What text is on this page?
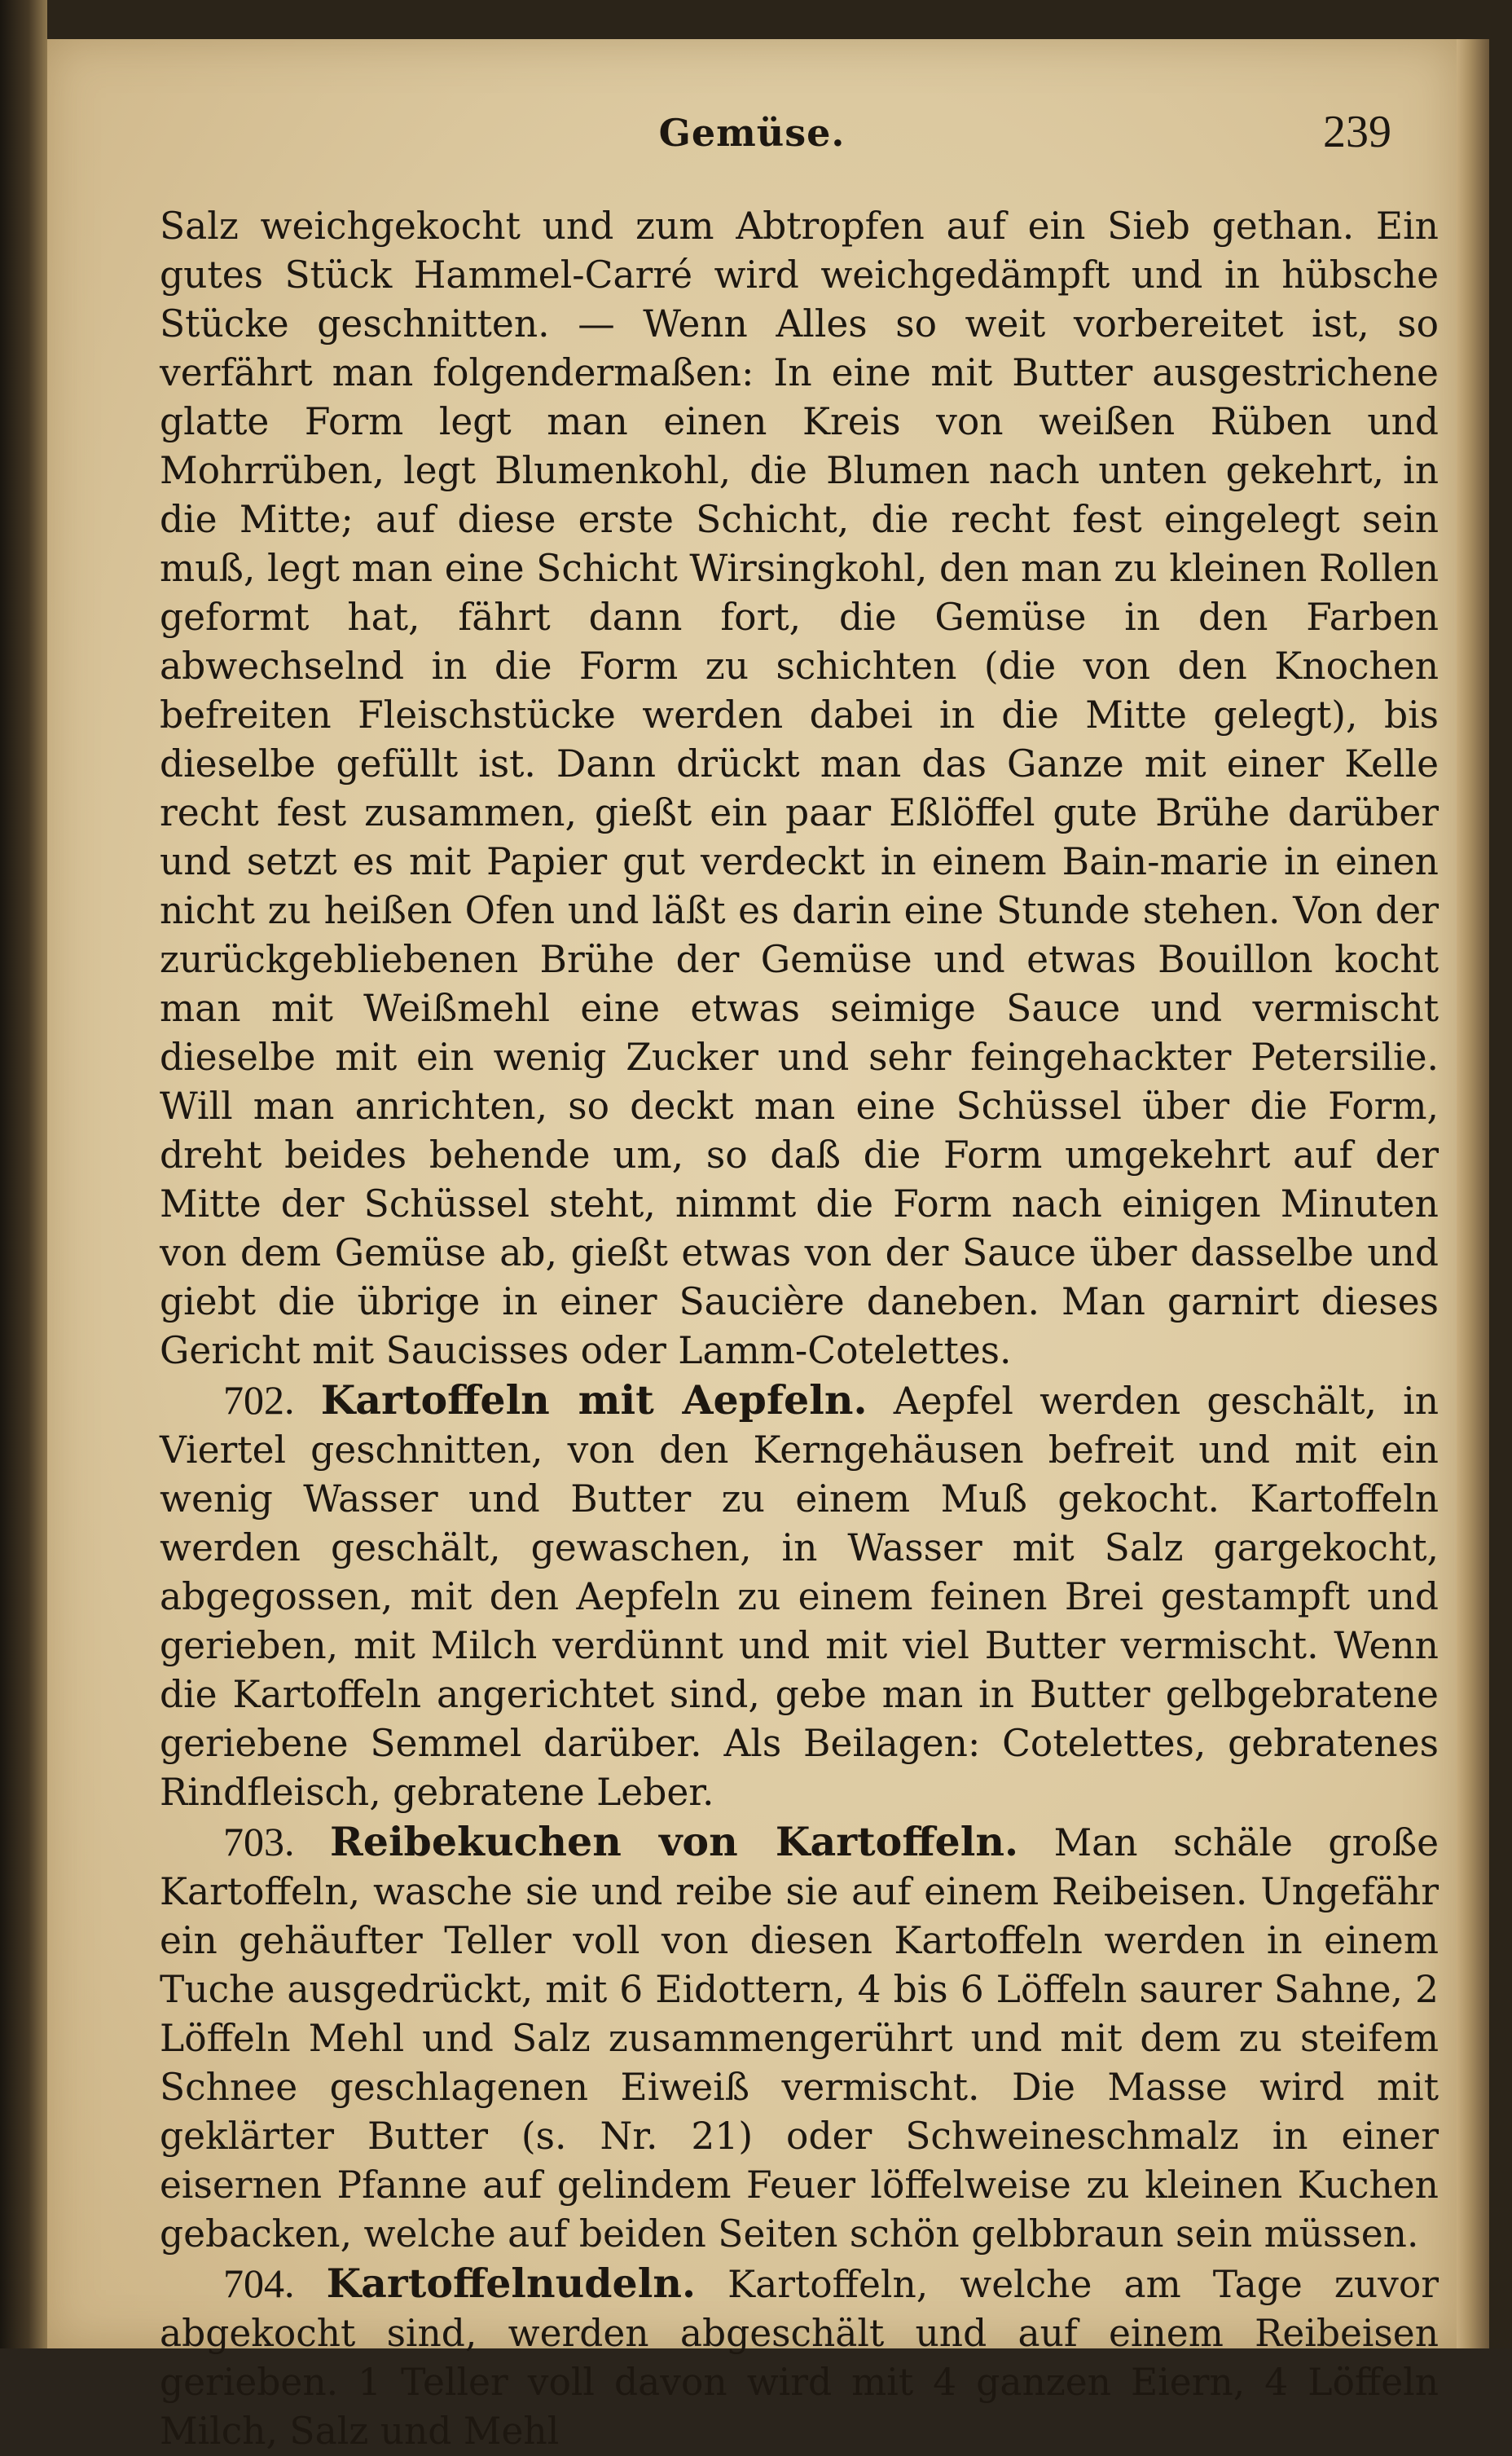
Gemüse.	239

Salz weichgekocht und zum Abtropfen auf ein Sieb gethan. Ein gutes Stück Hammel-Carré wird weichgedämpft und in hübsche Stücke geschnitten. — Wenn Alles so weit vorbereitet ist, so verfährt man folgendermaßen: In eine mit Butter ausgestrichene glatte Form legt man einen Kreis von weißen Rüben und Mohrrüben, legt Blumenkohl, die Blumen nach unten gekehrt, in die Mitte; auf diese erste Schicht, die recht fest eingelegt sein muß, legt man eine Schicht Wirsingkohl, den man zu kleinen Rollen geformt hat, fährt dann fort, die Gemüse in den Farben abwechselnd in die Form zu schichten (die von den Knochen befreiten Fleischstücke werden dabei in die Mitte gelegt), bis dieselbe gefüllt ist. Dann drückt man das Ganze mit einer Kelle recht fest zusammen, gießt ein paar Eßlöffel gute Brühe darüber und setzt es mit Papier gut verdeckt in einem Bain-marie in einen nicht zu heißen Ofen und läßt es darin eine Stunde stehen. Von der zurückgebliebenen Brühe der Gemüse und etwas Bouillon kocht man mit Weißmehl eine etwas seimige Sauce und vermischt dieselbe mit ein wenig Zucker und sehr feingehackter Petersilie. Will man anrichten, so deckt man eine Schüssel über die Form, dreht beides behende um, so daß die Form umgekehrt auf der Mitte der Schüssel steht, nimmt die Form nach einigen Minuten von dem Gemüse ab, gießt etwas von der Sauce über dasselbe und giebt die übrige in einer Saucière daneben. Man garnirt dieses Gericht mit Saucisses oder Lamm-Cotelettes.

702. Kartoffeln mit Aepfeln. Aepfel werden geschält, in Viertel geschnitten, von den Kerngehäusen befreit und mit ein wenig Wasser und Butter zu einem Muß gekocht. Kartoffeln werden geschält, gewaschen, in Wasser mit Salz gargekocht, abgegossen, mit den Aepfeln zu einem feinen Brei gestampft und gerieben, mit Milch verdünnt und mit viel Butter vermischt. Wenn die Kartoffeln angerichtet sind, gebe man in Butter gelbgebratene geriebene Semmel darüber. Als Beilagen: Cotelettes, gebratenes Rindfleisch, gebratene Leber.

703. Reibekuchen von Kartoffeln. Man schäle große Kartoffeln, wasche sie und reibe sie auf einem Reibeisen. Ungefähr ein gehäufter Teller voll von diesen Kartoffeln werden in einem Tuche ausgedrückt, mit 6 Eidottern, 4 bis 6 Löffeln saurer Sahne, 2 Löffeln Mehl und Salz zusammengerührt und mit dem zu steifem Schnee geschlagenen Eiweiß vermischt. Die Masse wird mit geklärter Butter (s. Nr. 21) oder Schweineschmalz in einer eisernen Pfanne auf gelindem Feuer löffelweise zu kleinen Kuchen gebacken, welche auf beiden Seiten schön gelbbraun sein müssen.

704. Kartoffelnudeln. Kartoffeln, welche am Tage zuvor abgekocht sind, werden abgeschält und auf einem Reibeisen gerieben. 1 Teller voll davon wird mit 4 ganzen Eiern, 4 Löffeln Milch, Salz und Mehl
